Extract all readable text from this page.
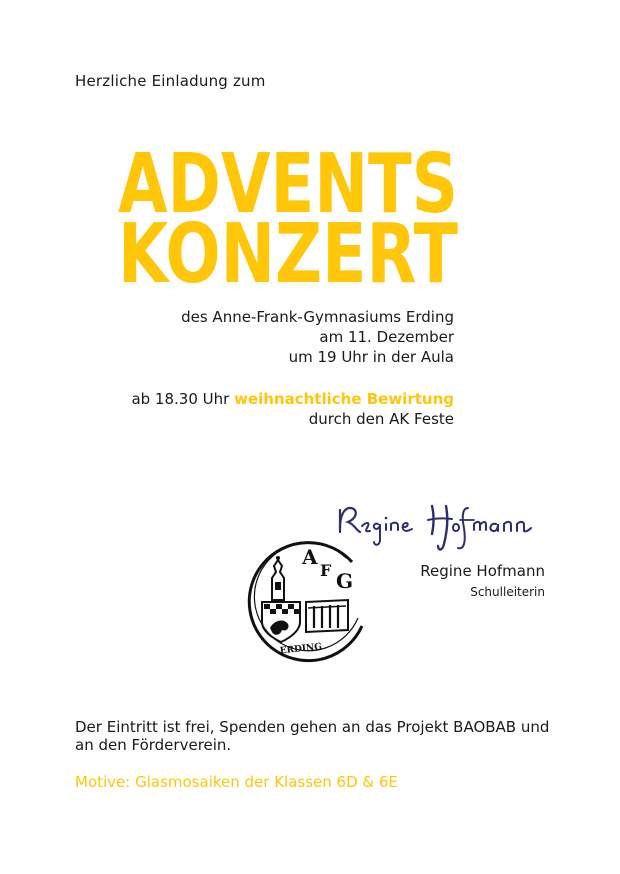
Herzliche Einladung zum
ADVENTS
KONZERT
des Anne-Frank-Gymnasiums Erding
am 11. Dezember
um 19 Uhr in der Aula
ab 18.30 Uhr weihnachtliche Bewirtung
durch den AK Feste
Regine Hofmann
Schulleiterin
A
F G
ERDING
Der Eintritt ist frei, Spenden gehen an das Projekt BAOBAB und
an den Förderverein.
Motive: Glasmosaiken der Klassen 6D & 6E
